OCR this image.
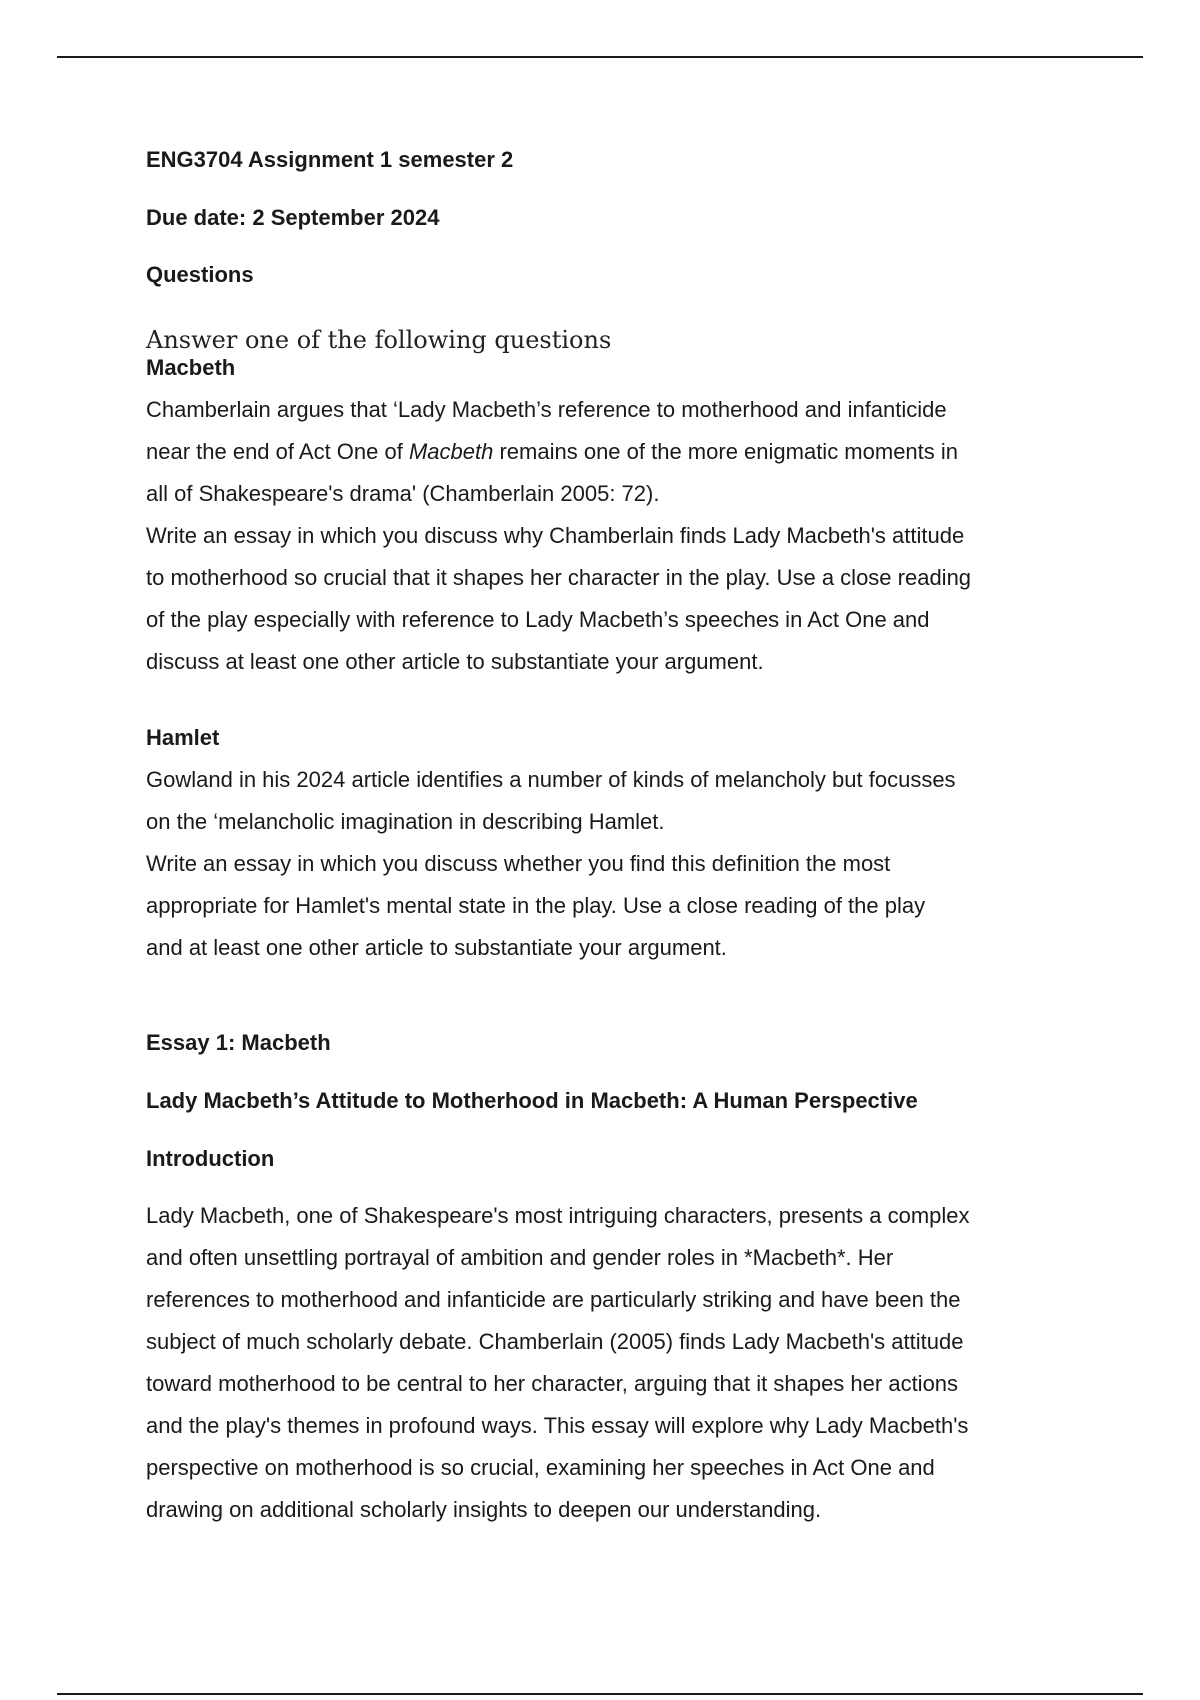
ENG3704 Assignment 1 semester 2

Due date: 2 September 2024

Questions

Answer one of the following questions

Macbeth

Chamberlain argues that ‘Lady Macbeth’s reference to motherhood and infanticide

near the end of Act One of Macbeth remains one of the more enigmatic moments in

all of Shakespeare's drama' (Chamberlain 2005: 72).

Write an essay in which you discuss why Chamberlain finds Lady Macbeth's attitude

to motherhood so crucial that it shapes her character in the play. Use a close reading

of the play especially with reference to Lady Macbeth’s speeches in Act One and

discuss at least one other article to substantiate your argument.

Hamlet

Gowland in his 2024 article identifies a number of kinds of melancholy but focusses

on the ‘melancholic imagination in describing Hamlet.

Write an essay in which you discuss whether you find this definition the most

appropriate for Hamlet's mental state in the play. Use a close reading of the play

and at least one other article to substantiate your argument.

Essay 1: Macbeth

Lady Macbeth’s Attitude to Motherhood in Macbeth: A Human Perspective

Introduction

Lady Macbeth, one of Shakespeare's most intriguing characters, presents a complex

and often unsettling portrayal of ambition and gender roles in *Macbeth*. Her

references to motherhood and infanticide are particularly striking and have been the

subject of much scholarly debate. Chamberlain (2005) finds Lady Macbeth's attitude

toward motherhood to be central to her character, arguing that it shapes her actions

and the play's themes in profound ways. This essay will explore why Lady Macbeth's

perspective on motherhood is so crucial, examining her speeches in Act One and

drawing on additional scholarly insights to deepen our understanding.
